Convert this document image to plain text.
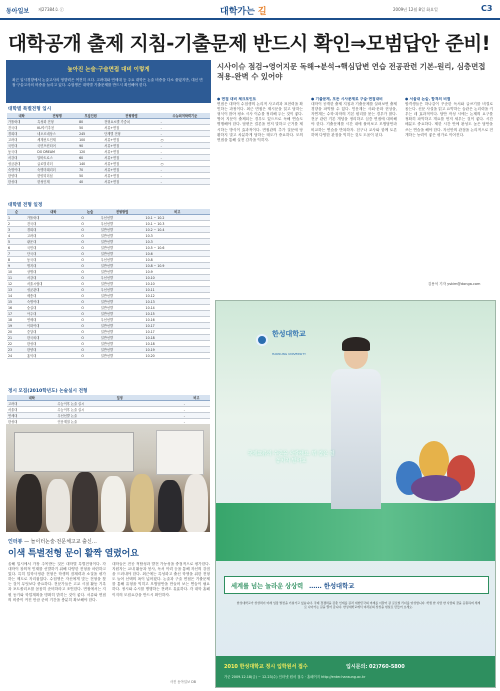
동아일보 제27384호 ⓒ	대학가는 길	2009년 12월 8일 화요일	C3
대학공개 출제 지침-기출문제 반드시 확인⇒모범답안 준비!
높아진 논술·구술면접 대비 이렇게
최근 입시경향에서 논술고사의 영향력은 여전히 크다. 고려대와 연세대 등 주요 대학은 논술 비중을 다소 줄였지만, 대신 면접·구술고사의 비중을 늘리고 있다. 수험생은 대학별 기출문제를 반드시 확인해야 한다.
대학별 특별전형 입시
대학	전형명	모집인원	전형방법	수능최저학력기준
가톨릭대	특성화 전형	80	전형요소별 가중치	-
건국대	KU자기추천	50	서류+면접	-
경희대	네오르네상스	245	단계별 전형	-
고려대	세계선도인재	100	서류+면접	○
국민대	국민프런티어	90	서류+면접	-
동국대	DO DREAM	120	서류+면접	-
서강대	알바트로스	60	서류+면접	-
성균관대	글로벌리더	140	서류+면접	○
숙명여대	숙명미래리더	70	서류+면접	-
한양대	한양리더십	50	서류+면접	-
한성대	한성인재	40	서류+면접	-
대학별 전형 일정
순	대학	논술	전형방법	비고
1	가톨릭대	O	우선선발	10.1 ~ 10.2
2	건국대	O	우선선발	10.1 ~ 10.3
3	경희대	O	일반선발	10.2 ~ 10.4
4	고려대	O	일반선발	10.3
5	광운대	O	일반선발	10.3
6	국민대	O	일반선발	10.5 ~ 10.6
7	단국대	O	일반선발	10.6
8	동국대	O	우선선발	10.8
9	명지대	O	일반선발	10.8 ~ 10.9
10	상명대	O	일반선발	10.9
11	서강대	O	우선선발	10.10
12	서울시립대	O	일반선발	10.10
13	성균관대	O	우선선발	10.11
14	세종대	O	일반선발	10.12
15	숙명여대	O	일반선발	10.13
16	숭실대	O	일반선발	10.14
17	아주대	O	일반선발	10.15
18	연세대	O	우선선발	10.16
19	이화여대	O	일반선발	10.17
20	중앙대	O	일반선발	10.17
21	한국외대	O	일반선발	10.18
22	한성대	O	일반선발	10.18
23	한양대	O	일반선발	10.19
24	홍익대	O	일반선발	10.20
정시 모집(2010학년도) 논술실시 전형
대학	일정	비고
고려대	수능이후 논술 실시	-
서울대	수능이후 논술 실시	-
연세대	우선선발 논술	-
한성대	인문계열 논술	-
인터뷰 — 놀이터논술·전문체고교 출신…
이색 특별전형 문이 활짝 열렸어요
올해 입시에서 가장 주목받는 것은 대학별 특별전형이다. 각 대학이 창의적 인재를 선발하기 위해 다양한 전형을 마련하고 있다. 특히 입학사정관 전형은 학생의 잠재력과 소질을 평가하는 제도로 자리잡았다. 수험생은 자신에게 맞는 전형을 찾는 것이 무엇보다 중요하다. 전문가들은 고교 시절 활동 기록과 포트폴리오를 꼼꼼히 준비하라고 조언한다. 면접에서는 지원 동기와 학업계획을 명확히 밝히는 것이 좋다. 서류와 면접의 비중이 커진 만큼 준비 기간을 충분히 확보해야 한다.
대학들은 전공 적합성과 발전 가능성을 중점적으로 평가한다. 지원자는 교내 활동과 봉사, 독서 이력 등을 통해 자신의 강점을 드러내야 한다. 최근에는 특성화고 출신 학생을 위한 전형도 늘어 선택의 폭이 넓어졌다. 논술과 구술 면접은 기출문제를 통해 유형을 익히고 모범답안을 만들어 보는 연습이 필요하다. 정시와 수시를 병행하는 전략도 유효하다. 각 대학 홈페이지의 모집요강을 반드시 확인하자.
사진 동아일보 DB
시사이슈 점검→영어지문 독해→분석→핵심답변 연습 전공관련 기본-원리, 심층면접 적용-완벽 수 있어야
● 면접 대비 체크포인트
면접은 대학이 수험생의 논리적 사고력과 표현력을 확인하는 과정이다. 최근 면접은 제시문을 읽고 답하는 형식이 많아 평소 시사 이슈를 정리해 두는 것이 좋다. 영어 지문이 출제되는 경우도 있으므로 독해 연습도 병행해야 한다. 답변은 결론을 먼저 말하고 근거를 제시하는 방식이 효과적이다. 면접관의 추가 질문에 당황하지 말고 차분하게 답하는 태도가 중요하다. 모의 면접을 통해 실전 감각을 익히자.
● 기출문제, 모든 시사문제로 구술·면접대비
대학이 공개한 출제 지침과 기출문제를 살펴보면 출제 경향을 파악할 수 있다. 인문계는 사회·문화 현상을, 자연계는 수학·과학의 기본 원리를 묻는 경우가 많다. 전공 관련 기본 개념을 정리하고 심층 면접에 대비해야 한다. 기출문제를 시간 내에 풀어보고 모범답안과 비교하는 연습을 반복하자. 친구나 교사와 함께 토론하며 다양한 관점을 익히는 것도 도움이 된다.
● 서울대 논술, 합격의 비결
합격생들은 하나같이 꾸준한 독서와 글쓰기를 비결로 꼽는다. 신문 사설을 읽고 요약하는 습관은 논리력을 키우는 데 효과적이다. 답안 작성 시에는 논제의 요구를 정확히 파악하고 개요를 먼저 세우는 것이 좋다. 시간 배분도 중요하다. 제한 시간 안에 완성도 높은 답안을 쓰는 연습을 해야 한다. 자신만의 관점을 논리적으로 전개하는 능력이 좋은 평가로 이어진다.
김용석 기자 yskim@donga.com
한성대학교
HANSUNG UNIVERSITY
국제교류의 수준을 사랑해요. 뭐 잡은 걸 놓치지 말아요
세계를 넘는 놀라운 상상력 …… 한성대학교
한성대학교가 상상력이 미래 입장 발전을 키워가고 있습니다. 국제 경쟁력을 갖춘 인재를 길러 대한민국의 미래를 이끌어 갈 글로벌 리더를 양성합니다. 학생 한 사람 한 사람의 꿈을 응원하며 세계로 나아가는 길을 열어 갑니다. 한성대학교에서 여러분의 상상을 현실로 만들어 보세요.
2010 한성대학교 정시 입학원서 접수	입시문의: 02)760-5800
가군 2009.12.18(금) ~ 12.23(수) 인터넷 원서 접수 · 홈페이지 http://enter.hansung.ac.kr
